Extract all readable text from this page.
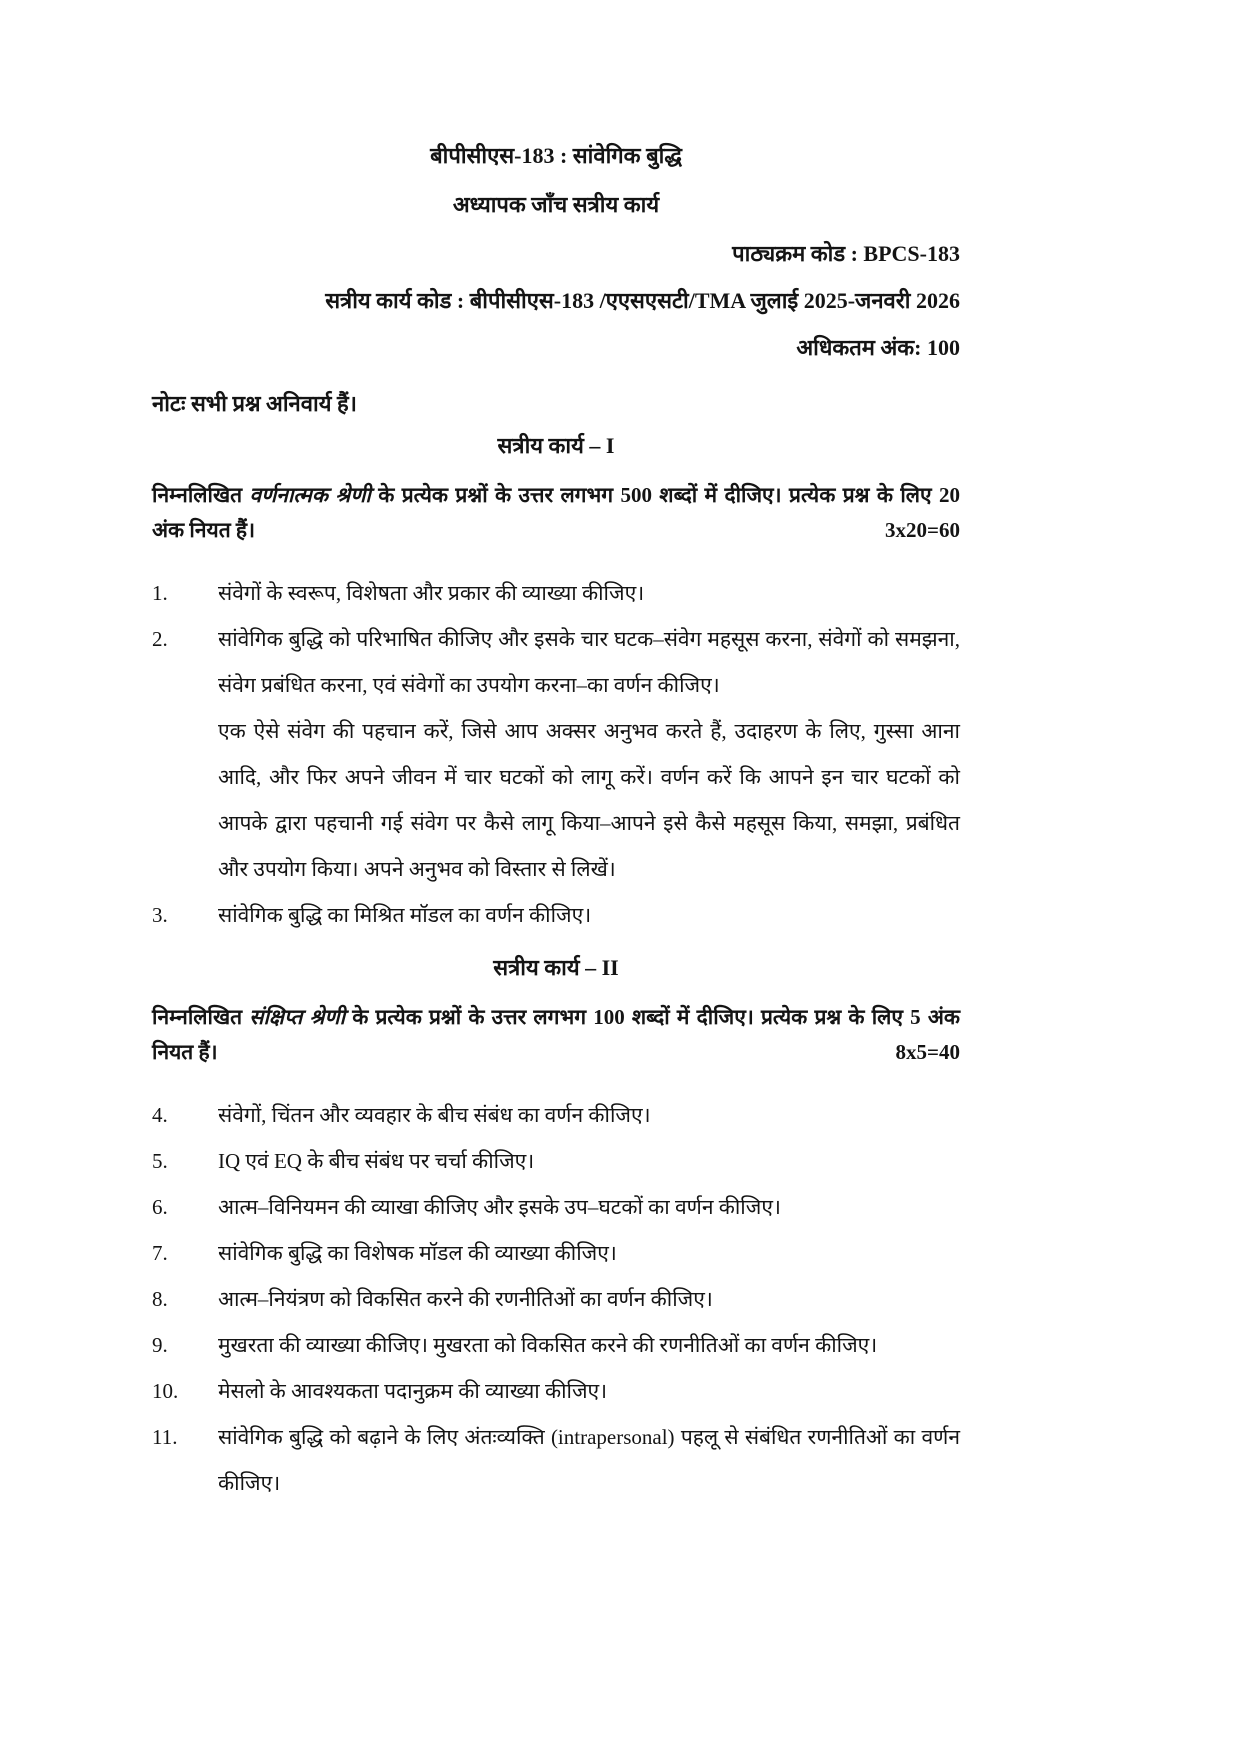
बीपीसीएस-183 : सांवेगिक बुद्धि
अध्यापक जाँच सत्रीय कार्य
पाठ्यक्रम कोड : BPCS-183
सत्रीय कार्य कोड : बीपीसीएस-183 /एएसएसटी/TMA जुलाई 2025-जनवरी 2026
अधिकतम अंक: 100
नोटः सभी प्रश्न अनिवार्य हैं।
सत्रीय कार्य – I
निम्नलिखित वर्णनात्मक श्रेणी के प्रत्येक प्रश्नों के उत्तर लगभग 500 शब्दों में दीजिए। प्रत्येक प्रश्न के लिए 20 अंक नियत हैं।	3x20=60
1.	संवेगों के स्वरूप, विशेषता और प्रकार की व्याख्या कीजिए।
2.	सांवेगिक बुद्धि को परिभाषित कीजिए और इसके चार घटक–संवेग महसूस करना, संवेगों को समझना, संवेग प्रबंधित करना, एवं संवेगों का उपयोग करना–का वर्णन कीजिए।
एक ऐसे संवेग की पहचान करें, जिसे आप अक्सर अनुभव करते हैं, उदाहरण के लिए, गुस्सा आना आदि, और फिर अपने जीवन में चार घटकों को लागू करें। वर्णन करें कि आपने इन चार घटकों को आपके द्वारा पहचानी गई संवेग पर कैसे लागू किया–आपने इसे कैसे महसूस किया, समझा, प्रबंधित और उपयोग किया। अपने अनुभव को विस्तार से लिखें।
3.	सांवेगिक बुद्धि का मिश्रित मॉडल का वर्णन कीजिए।
सत्रीय कार्य – II
निम्नलिखित संक्षिप्त श्रेणी के प्रत्येक प्रश्नों के उत्तर लगभग 100 शब्दों में दीजिए। प्रत्येक प्रश्न के लिए 5 अंक नियत हैं।	8x5=40
4.	संवेगों, चिंतन और व्यवहार के बीच संबंध का वर्णन कीजिए।
5.	IQ एवं EQ के बीच संबंध पर चर्चा कीजिए।
6.	आत्म–विनियमन की व्याखा कीजिए और इसके उप–घटकों का वर्णन कीजिए।
7.	सांवेगिक बुद्धि का विशेषक मॉडल की व्याख्या कीजिए।
8.	आत्म–नियंत्रण को विकसित करने की रणनीतिओं का वर्णन कीजिए।
9.	मुखरता की व्याख्या कीजिए। मुखरता को विकसित करने की रणनीतिओं का वर्णन कीजिए।
10.	मेसलो के आवश्यकता पदानुक्रम की व्याख्या कीजिए।
11.	सांवेगिक बुद्धि को बढ़ाने के लिए अंतःव्यक्ति (intrapersonal) पहलू से संबंधित रणनीतिओं का वर्णन कीजिए।
